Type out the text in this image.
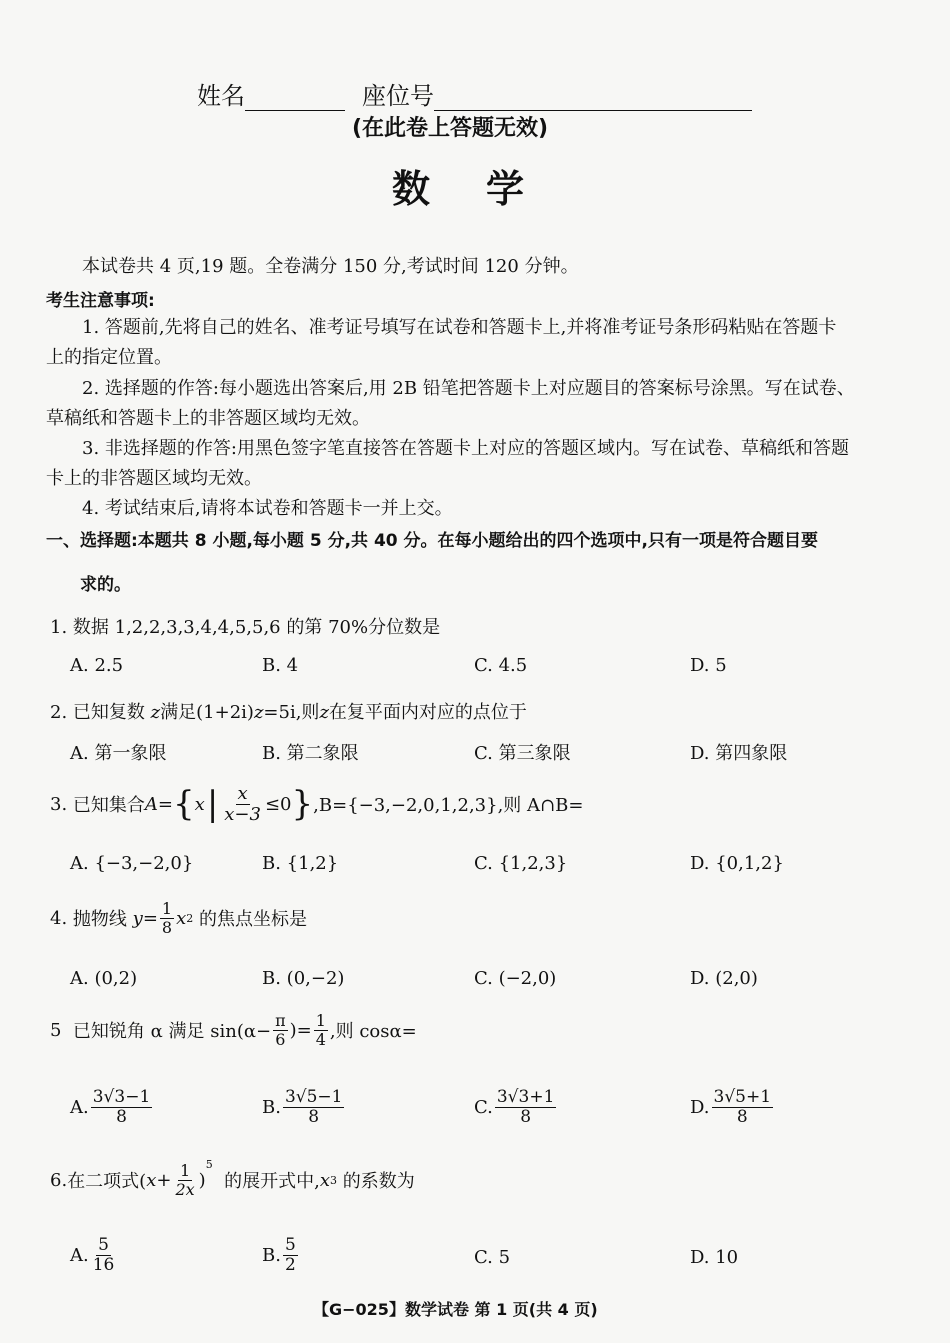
姓名	座位号
(在此卷上答题无效)
数学
本试卷共 4 页,19 题。全卷满分 150 分,考试时间 120 分钟。
考生注意事项:
1. 答题前,先将自己的姓名、准考证号填写在试卷和答题卡上,并将准考证号条形码粘贴在答题卡
上的指定位置。
2. 选择题的作答:每小题选出答案后,用 2B 铅笔把答题卡上对应题目的答案标号涂黑。写在试卷、
草稿纸和答题卡上的非答题区域均无效。
3. 非选择题的作答:用黑色签字笔直接答在答题卡上对应的答题区域内。写在试卷、草稿纸和答题
卡上的非答题区域均无效。
4. 考试结束后,请将本试卷和答题卡一并上交。
一、选择题:本题共 8 小题,每小题 5 分,共 40 分。在每小题给出的四个选项中,只有一项是符合题目要
求的。
1. 数据 1,2,2,3,3,4,4,5,5,6 的第 70%分位数是
A. 2.5	B. 4	C. 4.5	D. 5
2. 已知复数 z满足(1+2i)z=5i,则z在复平面内对应的点位于
A. 第一象限	B. 第二象限	C. 第三象限	D. 第四象限
3.
已知集合 A = { x | $\frac{x}{x-3} \le 0$ } ,B={−3,−2,0,1,2,3},则 A∩B=
A. {−3,−2,0}	B. {1,2}	C. {1,2,3}	D. {0,1,2}
4.
抛物线
$y = \frac{1}{8}$ x 2
的焦点坐标是
A. (0,2)	B. (0,−2)	C. (−2,0)	D. (2,0)
5
已知锐角 α 满足 $\sin(\alpha- \frac{\pi}{6}$ )= $\frac{1}{4}$ ,则 cosα=
A. $\frac{3√3-1}{8}$	B. $\frac{3√5-1}{8}$	C. $\frac{3√3+1}{8}$	D. $\frac{3√5+1}{8}$
6. 在二项式( $x + \frac{1}{2x}$ )
$^5$

的展开式中, x 3
的系数为
A. $\frac{5}{16}$	B. $\frac{5}{2}$	C. 5	D. 10
【G−025】数学试卷 第 1 页(共 4 页)
